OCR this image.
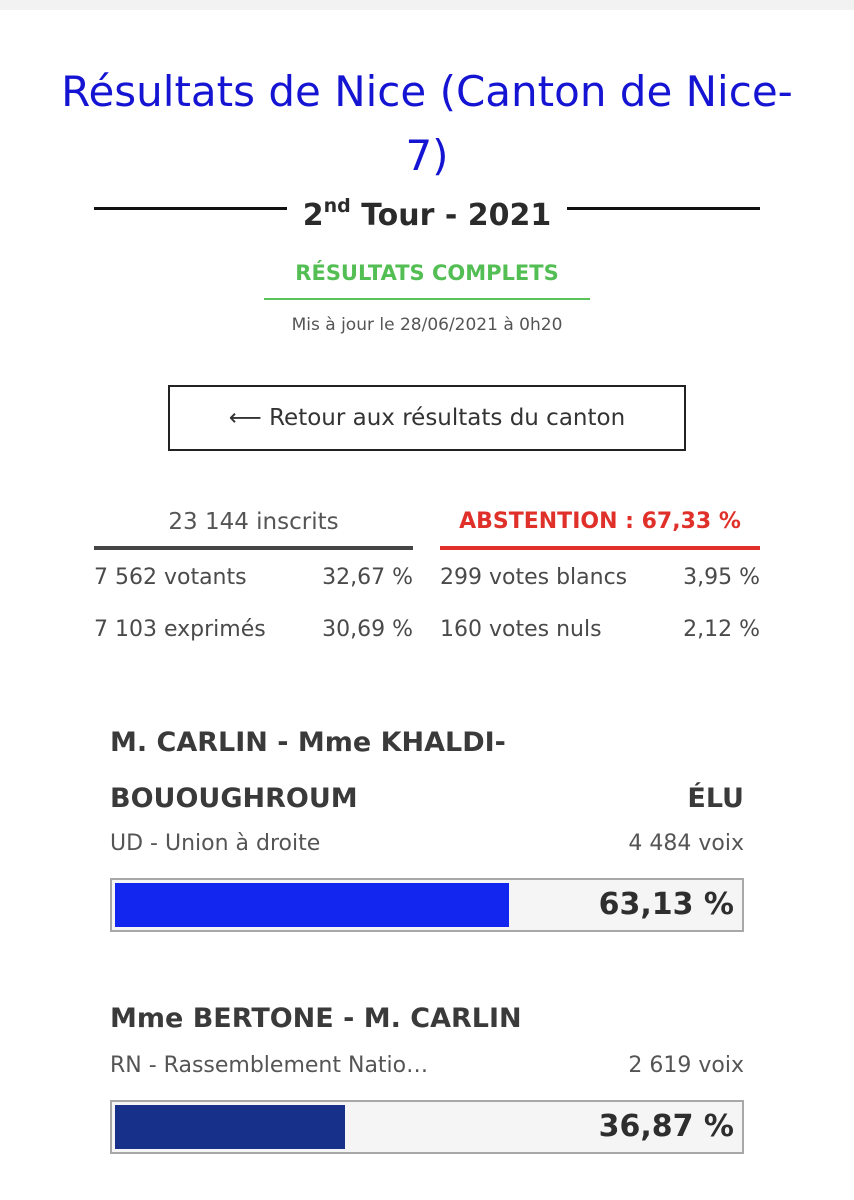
Résultats de Nice (Canton de Nice-7)
2nd Tour - 2021
RÉSULTATS COMPLETS
Mis à jour le 28/06/2021 à 0h20
⟵ Retour aux résultats du canton
23 144 inscrits	ABSTENTION : 67,33 %
7 562 votants	32,67 %
7 103 exprimés	30,69 %
299 votes blancs	3,95 %
160 votes nuls	2,12 %
M. CARLIN - Mme KHALDI-
BOUOUGHROUM	ÉLU
UD - Union à droite	4 484 voix
63,13 %
Mme BERTONE - M. CARLIN
RN - Rassemblement Natio…	2 619 voix
36,87 %
